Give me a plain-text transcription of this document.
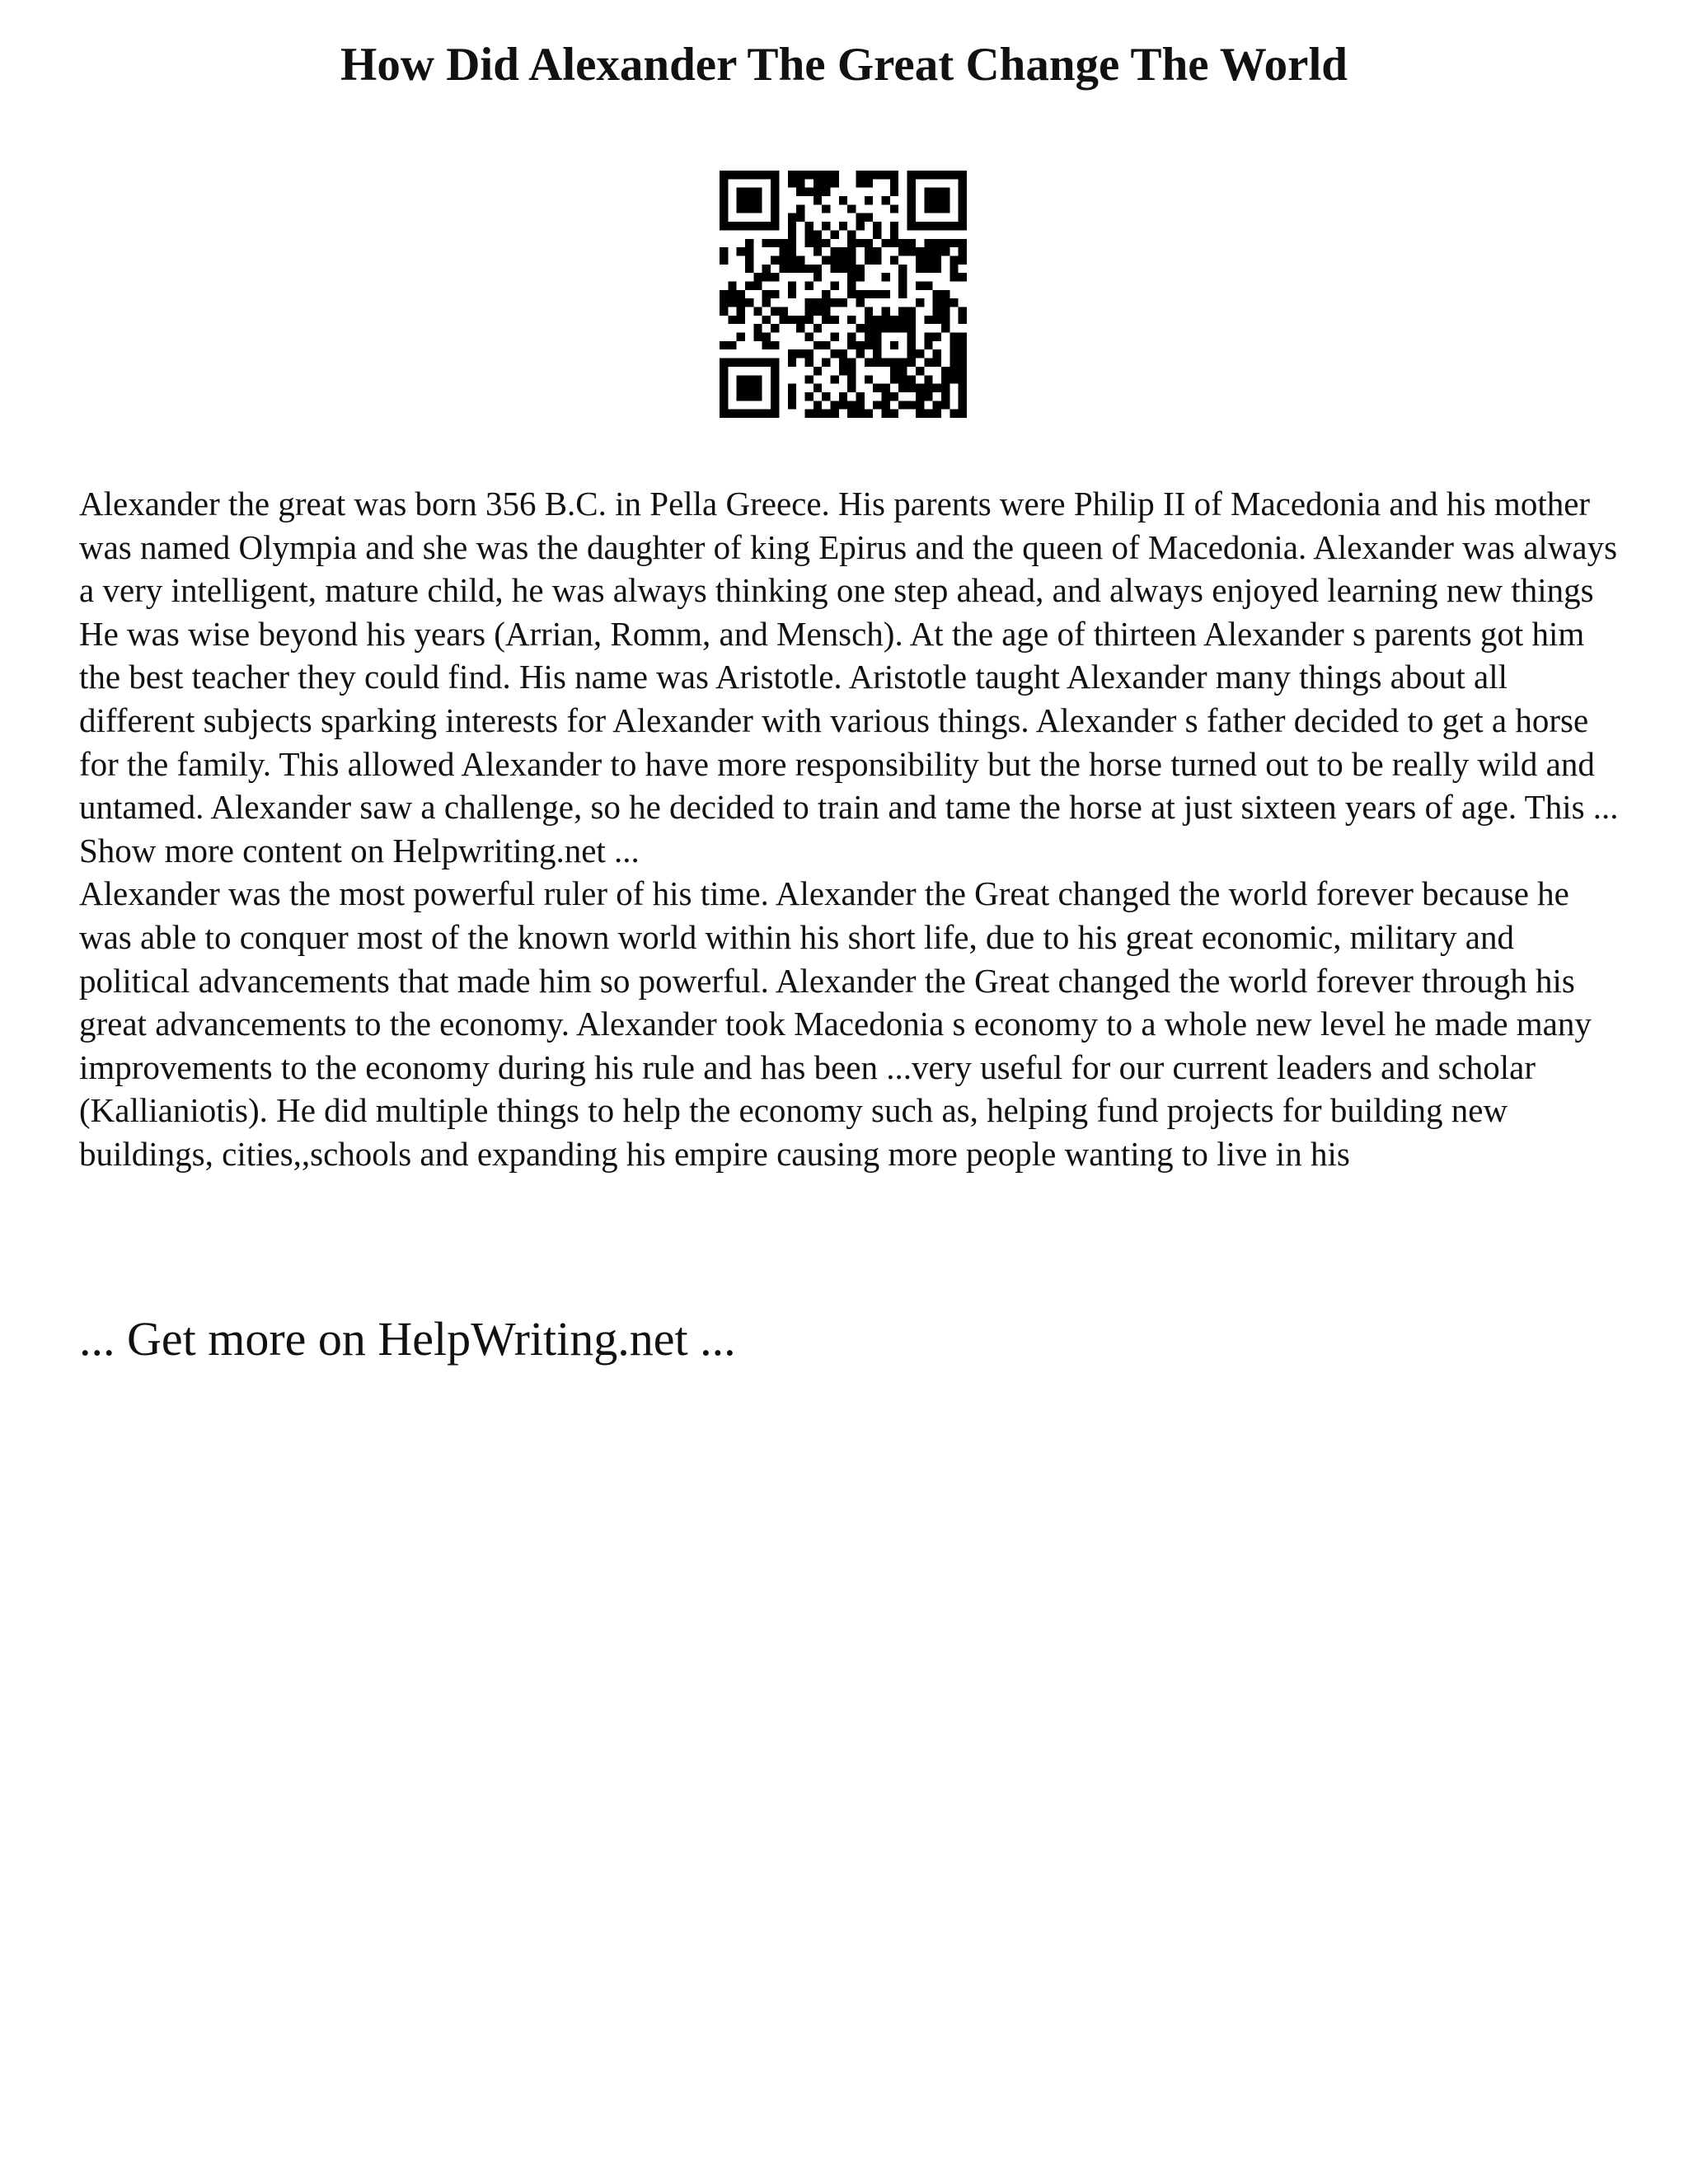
How Did Alexander The Great Change The World

Alexander the great was born 356 B.C. in Pella Greece. His parents were Philip II of Macedonia and his mother was named Olympia and she was the daughter of king Epirus and the queen of Macedonia. Alexander was always a very intelligent, mature child, he was always thinking one step ahead, and always enjoyed learning new things He was wise beyond his years (Arrian, Romm, and Mensch). At the age of thirteen Alexander s parents got him the best teacher they could find. His name was Aristotle. Aristotle taught Alexander many things about all different subjects sparking interests for Alexander with various things. Alexander s father decided to get a horse for the family. This allowed Alexander to have more responsibility but the horse turned out to be really wild and untamed. Alexander saw a challenge, so he decided to train and tame the horse at just sixteen years of age. This ... Show more content on Helpwriting.net ...

Alexander was the most powerful ruler of his time. Alexander the Great changed the world forever because he was able to conquer most of the known world within his short life, due to his great economic, military and political advancements that made him so powerful. Alexander the Great changed the world forever through his great advancements to the economy. Alexander took Macedonia s economy to a whole new level he made many improvements to the economy during his rule and has been ...very useful for our current leaders and scholar (Kallianiotis). He did multiple things to help the economy such as, helping fund projects for building new buildings, cities,,schools and expanding his empire causing more people wanting to live in his

... Get more on HelpWriting.net ...
